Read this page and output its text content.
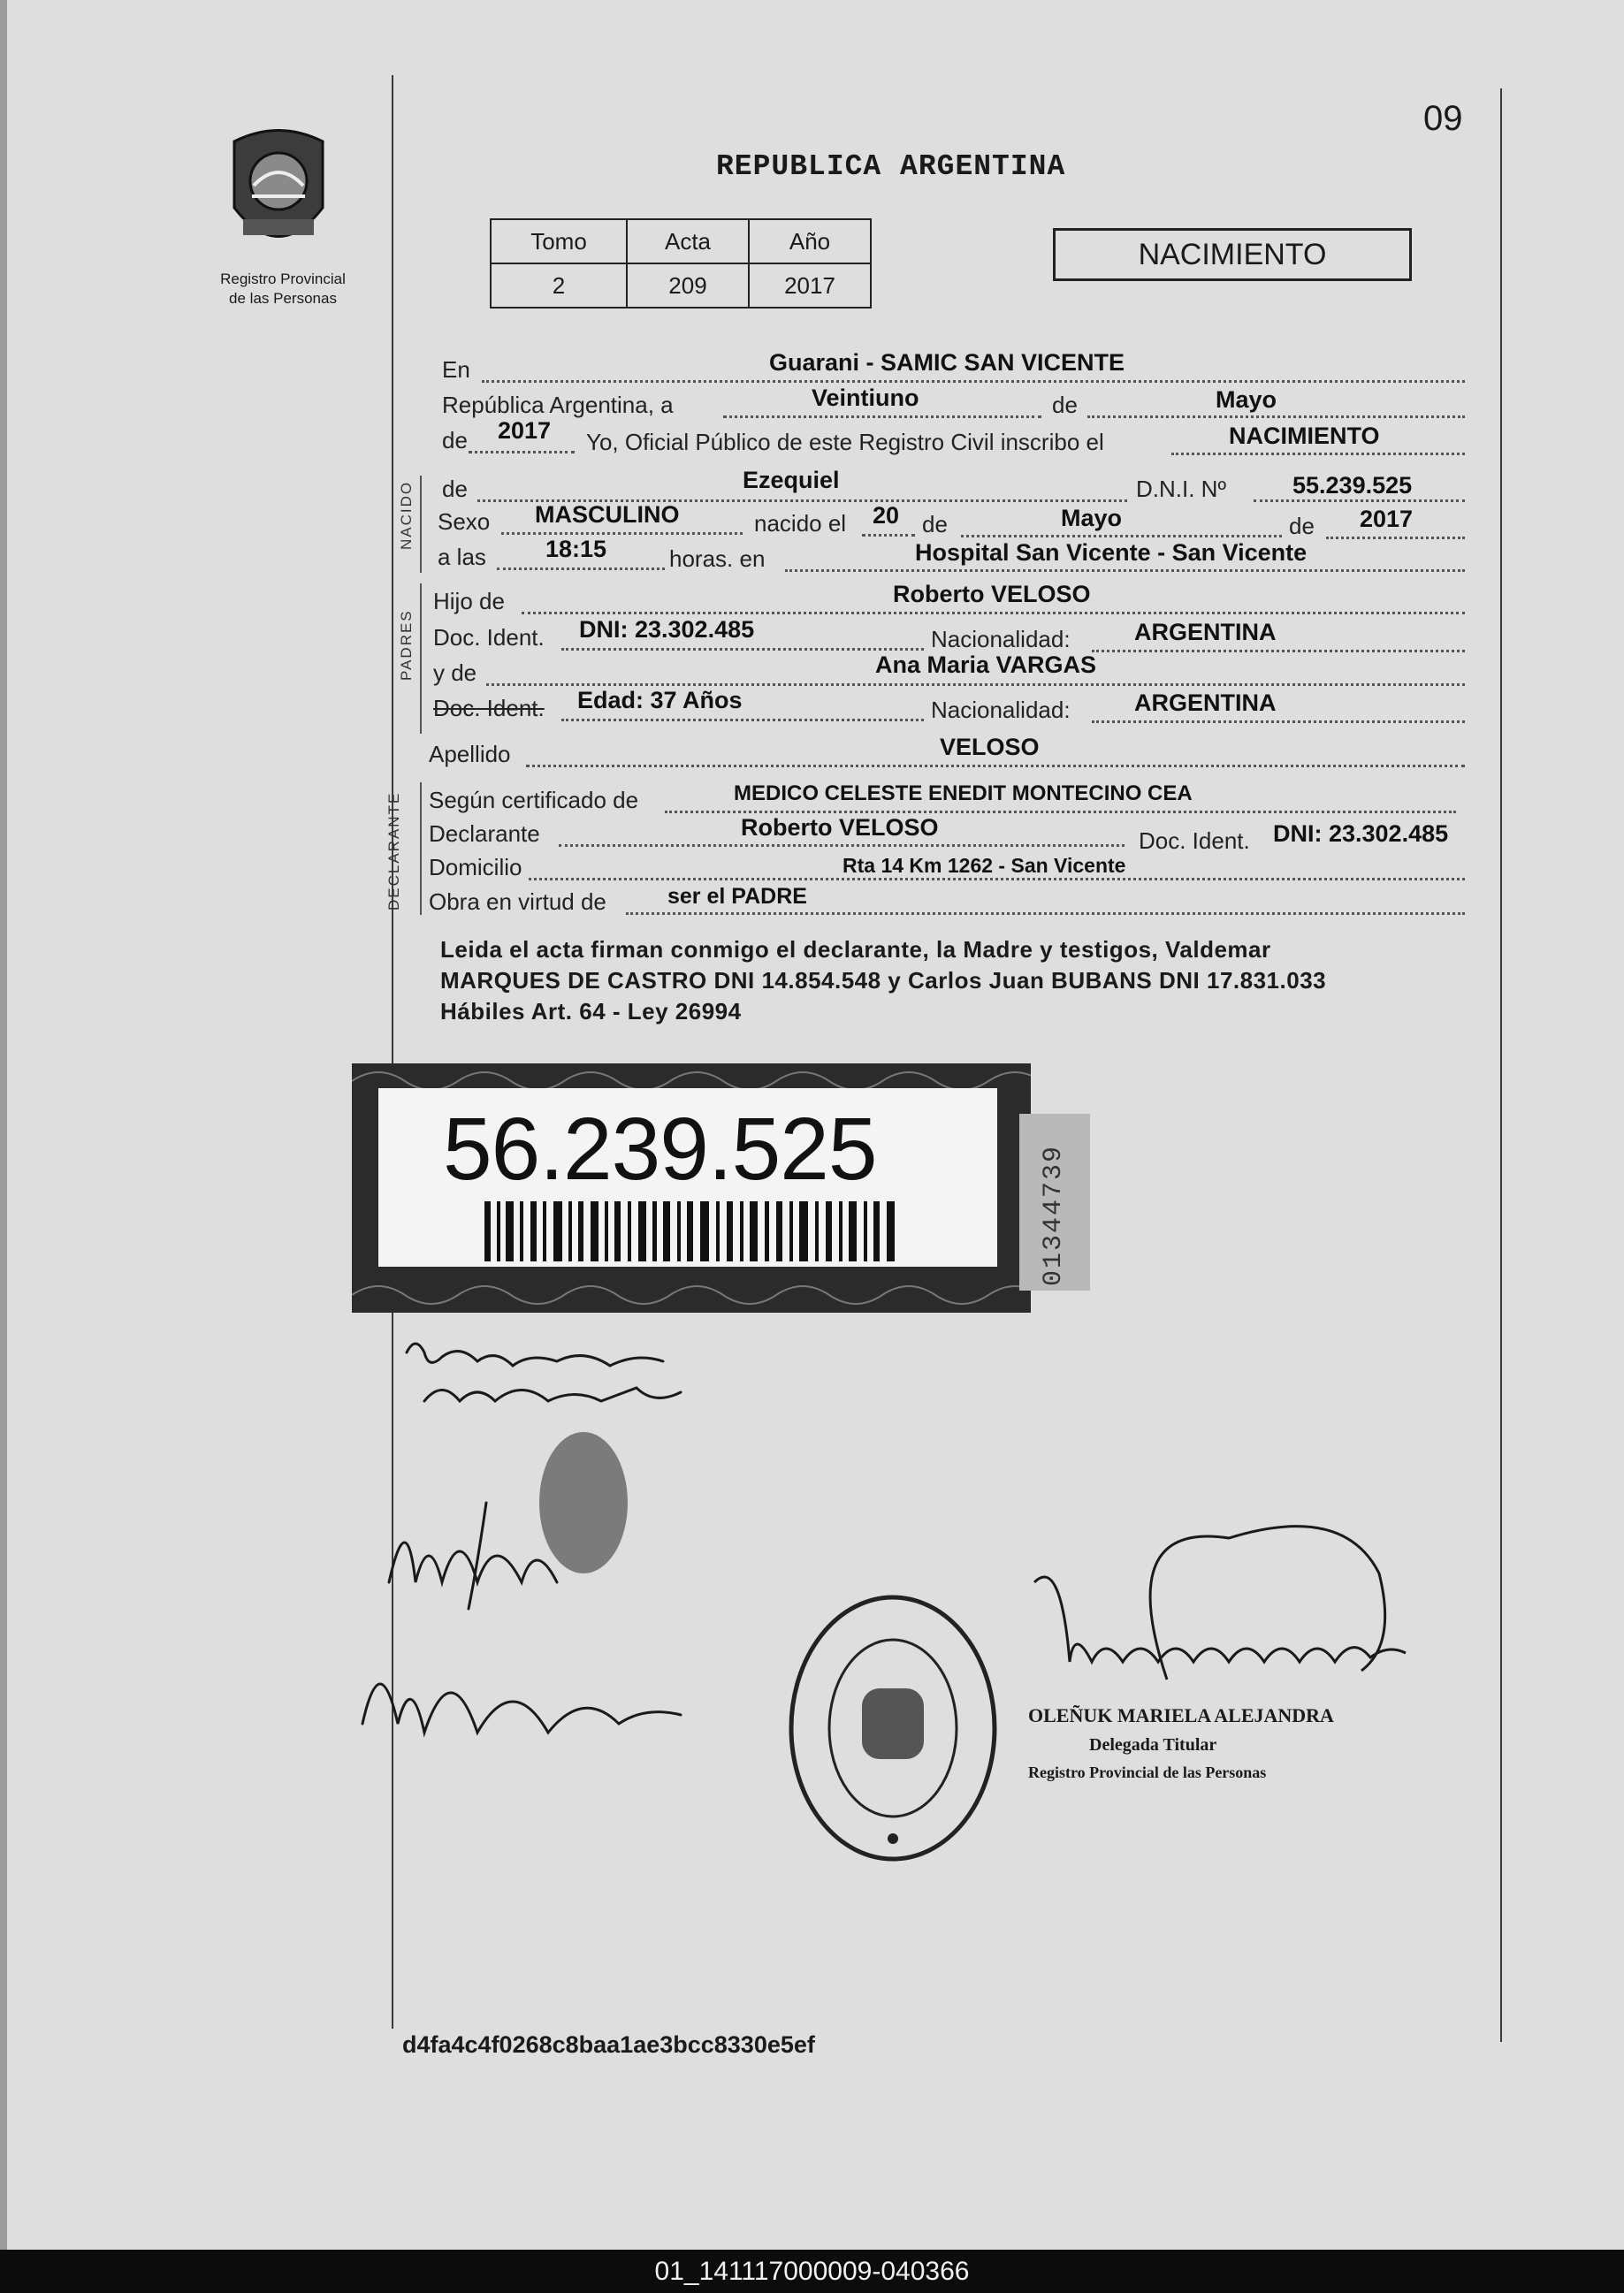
09
Registro Provincial
de las Personas
REPUBLICA ARGENTINA
Tomo	Acta	Año
2	209	2017
NACIMIENTO
En	Guarani - SAMIC SAN VICENTE
República Argentina, a	Veintiuno	de	Mayo
de 2017 Yo, Oficial Público de este Registro Civil inscribo el	NACIMIENTO
NACIDO de	Ezequiel	D.N.I. Nº	55.239.525
Sexo MASCULINO	nacido el 20 de	Mayo	de 2017
a las 18:15	horas. en	Hospital San Vicente - San Vicente
PADRES
Hijo de	Roberto VELOSO
Doc. Ident. DNI: 23.302.485	Nacionalidad:	ARGENTINA
y de	Ana Maria VARGAS
Doc. Ident. Edad: 37 Años	Nacionalidad:	ARGENTINA
Apellido	VELOSO
DECLARANTE Según certificado de	MEDICO CELESTE ENEDIT MONTECINO CEA
Declarante	Roberto VELOSO	Doc. Ident. DNI: 23.302.485
Domicilio	Rta 14 Km 1262 - San Vicente
Obra en virtud de	ser el PADRE
Leida el acta firman conmigo el declarante, la Madre y testigos, Valdemar
MARQUES DE CASTRO DNI 14.854.548 y Carlos Juan BUBANS DNI 17.831.033
Hábiles Art. 64 - Ley 26994
56.239.525	01344739
OLEÑUK MARIELA ALEJANDRA
Delegada Titular
Registro Provincial de las Personas
d4fa4c4f0268c8baa1ae3bcc8330e5ef
01_141117000009-040366
